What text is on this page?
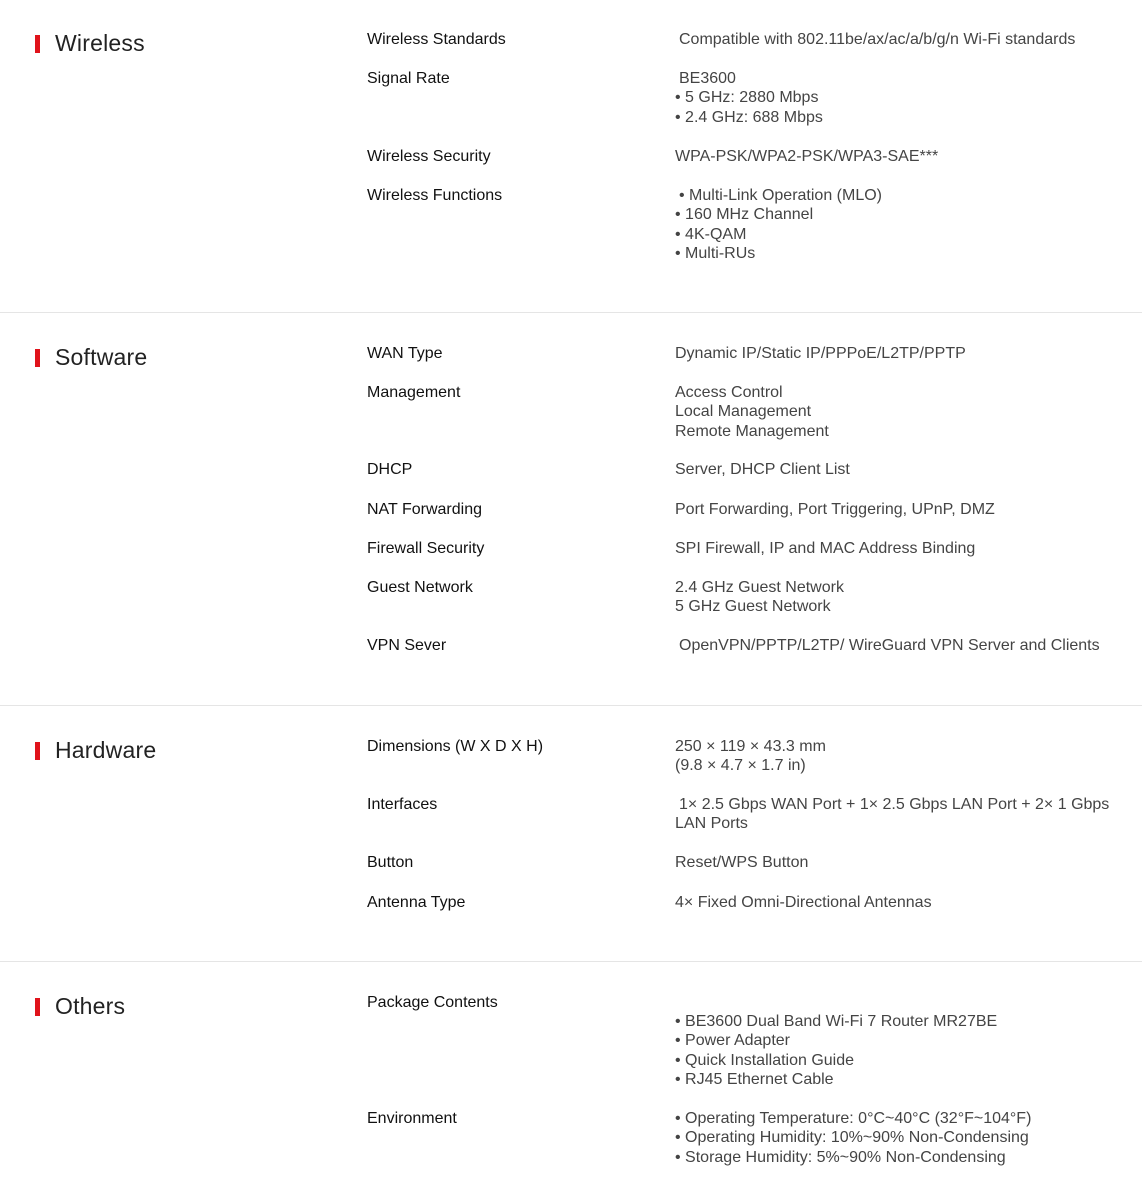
Wireless	Wireless Standards	Compatible with 802.11be/ax/ac/a/b/g/n Wi-Fi standards
Signal Rate	BE3600
• 5 GHz: 2880 Mbps
• 2.4 GHz: 688 Mbps
Wireless Security	WPA-PSK/WPA2-PSK/WPA3-SAE***
Wireless Functions	• Multi-Link Operation (MLO)
• 160 MHz Channel
• 4K-QAM
• Multi-RUs
Software	WAN Type	Dynamic IP/Static IP/PPPoE/L2TP/PPTP
Management	Access Control
Local Management
Remote Management
DHCP	Server, DHCP Client List
NAT Forwarding	Port Forwarding, Port Triggering, UPnP, DMZ
Firewall Security	SPI Firewall, IP and MAC Address Binding
Guest Network	2.4 GHz Guest Network
5 GHz Guest Network
VPN Sever	OpenVPN/PPTP/L2TP/ WireGuard VPN Server and Clients
Hardware	Dimensions (W X D X H)	250 × 119 × 43.3 mm
(9.8 × 4.7 × 1.7 in)
Interfaces	1× 2.5 Gbps WAN Port + 1× 2.5 Gbps LAN Port + 2× 1 Gbps
LAN Ports
Button	Reset/WPS Button
Antenna Type	4× Fixed Omni-Directional Antennas
Others	Package Contents
• BE3600 Dual Band Wi-Fi 7 Router MR27BE
• Power Adapter
• Quick Installation Guide
• RJ45 Ethernet Cable
Environment	• Operating Temperature: 0°C~40°C (32°F~104°F)
• Operating Humidity: 10%~90% Non-Condensing
• Storage Humidity: 5%~90% Non-Condensing
